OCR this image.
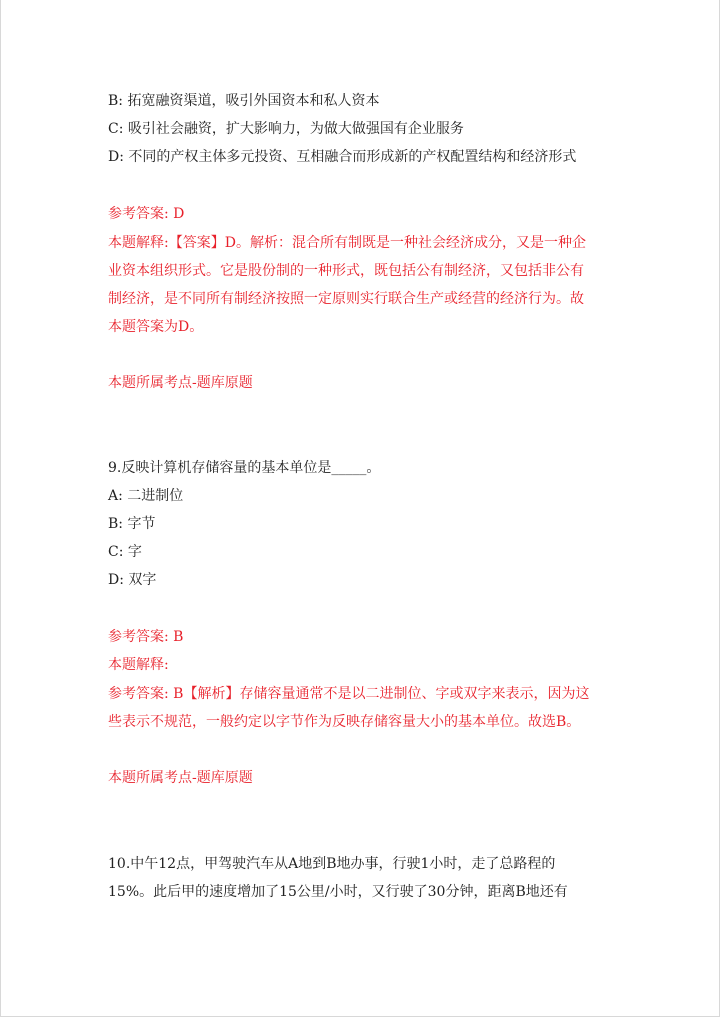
B: 拓宽融资渠道，吸引外国资本和私人资本
C: 吸引社会融资，扩大影响力，为做大做强国有企业服务
D: 不同的产权主体多元投资、互相融合而形成新的产权配置结构和经济形式
参考答案: D
本题解释:【答案】D。解析：混合所有制既是一种社会经济成分，又是一种企
业资本组织形式。它是股份制的一种形式，既包括公有制经济，又包括非公有
制经济，是不同所有制经济按照一定原则实行联合生产或经营的经济行为。故
本题答案为D。
本题所属考点-题库原题
9.反映计算机存储容量的基本单位是_____。
A: 二进制位
B: 字节
C: 字
D: 双字
参考答案: B
本题解释:
参考答案: B【解析】存储容量通常不是以二进制位、字或双字来表示，因为这
些表示不规范，一般约定以字节作为反映存储容量大小的基本单位。故选B。
本题所属考点-题库原题
10.中午12点，甲驾驶汽车从A地到B地办事，行驶1小时，走了总路程的
15%。此后甲的速度增加了15公里/小时，又行驶了30分钟，距离B地还有
